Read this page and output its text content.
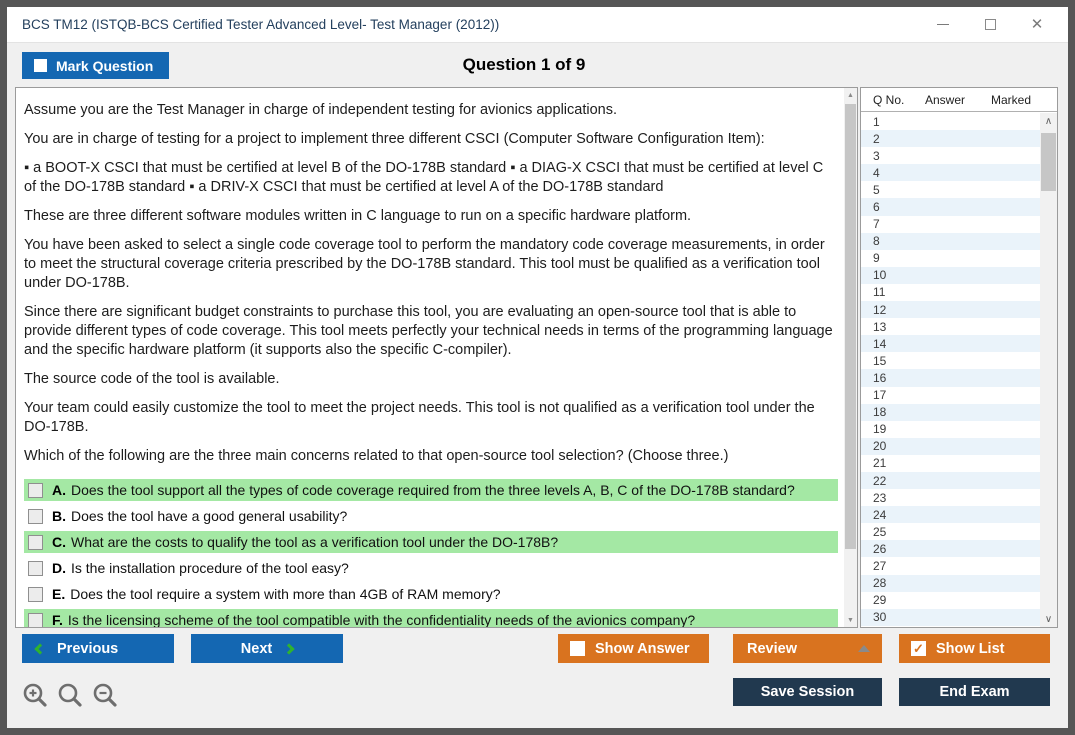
BCS TM12 (ISTQB-BCS Certified Tester Advanced Level- Test Manager (2012))	✕
Question 1 of 9
Mark Question
Assume you are the Test Manager in charge of independent testing for avionics applications.
You are in charge of testing for a project to implement three different CSCI (Computer Software Configuration Item):
▪ a BOOT-X CSCI that must be certified at level B of the DO-178B standard ▪ a DIAG-X CSCI that must be certified at level C of the DO-178B standard ▪ a DRIV-X CSCI that must be certified at level A of the DO-178B standard
These are three different software modules written in C language to run on a specific hardware platform.
You have been asked to select a single code coverage tool to perform the mandatory code coverage measurements, in order to meet the structural coverage criteria prescribed by the DO-178B standard. This tool must be qualified as a verification tool under DO-178B.
Since there are significant budget constraints to purchase this tool, you are evaluating an open-source tool that is able to provide different types of code coverage. This tool meets perfectly your technical needs in terms of the programming language and the specific hardware platform (it supports also the specific C-compiler).
The source code of the tool is available.
Your team could easily customize the tool to meet the project needs. This tool is not qualified as a verification tool under the DO-178B.
Which of the following are the three main concerns related to that open-source tool selection? (Choose three.)
A. Does the tool support all the types of code coverage required from the three levels A, B, C of the DO-178B standard?
B. Does the tool have a good general usability?
C. What are the costs to qualify the tool as a verification tool under the DO-178B?
D. Is the installation procedure of the tool easy?
E. Does the tool require a system with more than 4GB of RAM memory?
F. Is the licensing scheme of the tool compatible with the confidentiality needs of the avionics company?
▲
▼
Q No.	Answer	Marked
1
2
3
4
5
6
7
8
9
10
11
12
13
14
15
16
17
18
19
20
21
22
23
24
25
26
27
28
29
30
∧
∨
Previous	Next	Show Answer	Review	✓ Show List
Save Session	End Exam
